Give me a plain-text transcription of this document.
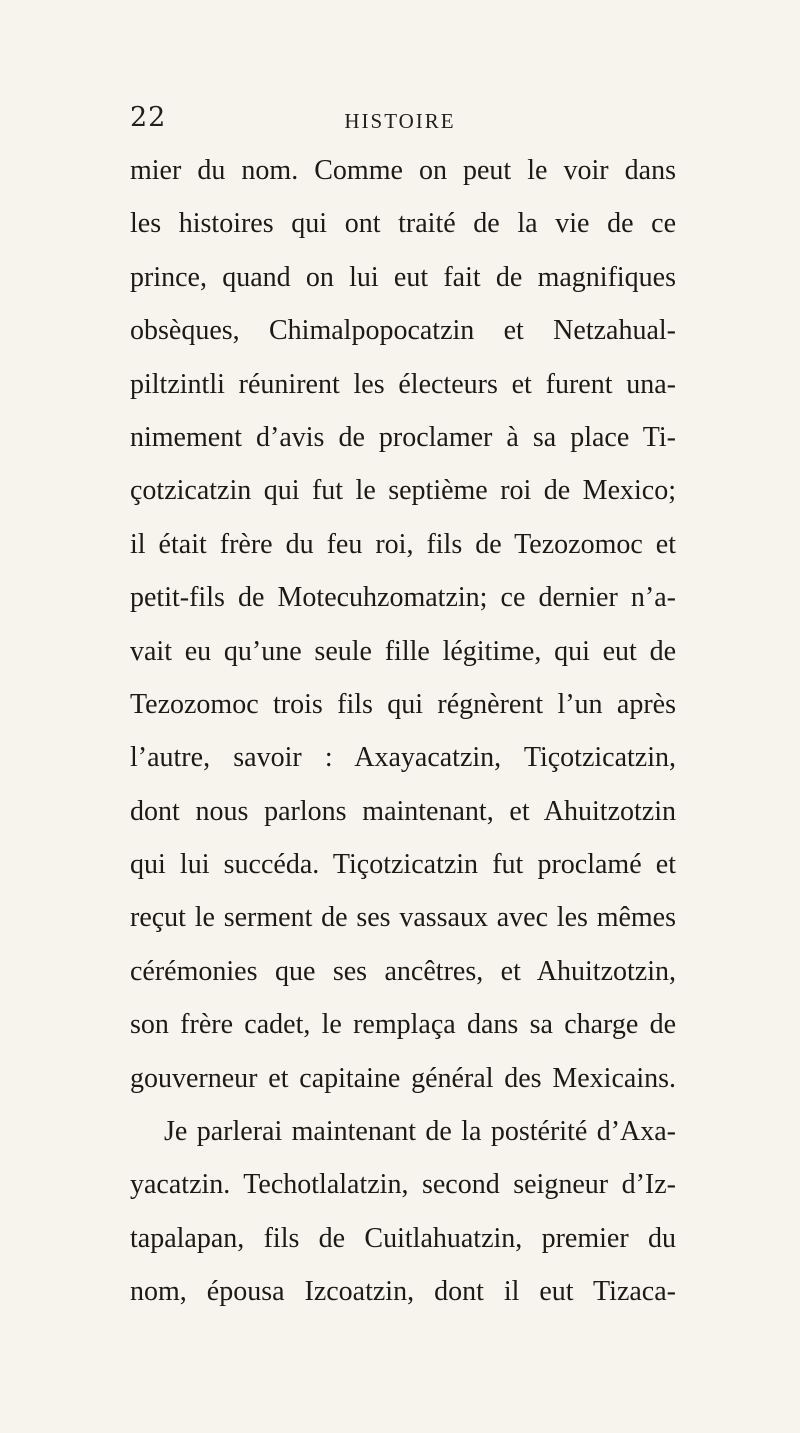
22	HISTOIRE
mier du nom. Comme on peut le voir dans
les histoires qui ont traité de la vie de ce
prince, quand on lui eut fait de magnifiques
obsèques, Chimalpopocatzin et Netzahual-
piltzintli réunirent les électeurs et furent una-
nimement d’avis de proclamer à sa place Ti-
çotzicatzin qui fut le septième roi de Mexico;
il était frère du feu roi, fils de Tezozomoc et
petit-fils de Motecuhzomatzin; ce dernier n’a-
vait eu qu’une seule fille légitime, qui eut de
Tezozomoc trois fils qui régnèrent l’un après
l’autre, savoir : Axayacatzin, Tiçotzicatzin,
dont nous parlons maintenant, et Ahuitzotzin
qui lui succéda. Tiçotzicatzin fut proclamé et
reçut le serment de ses vassaux avec les mêmes
cérémonies que ses ancêtres, et Ahuitzotzin,
son frère cadet, le remplaça dans sa charge de
gouverneur et capitaine général des Mexicains.
Je parlerai maintenant de la postérité d’Axa-
yacatzin. Techotlalatzin, second seigneur d’Iz-
tapalapan, fils de Cuitlahuatzin, premier du
nom, épousa Izcoatzin, dont il eut Tizaca-
